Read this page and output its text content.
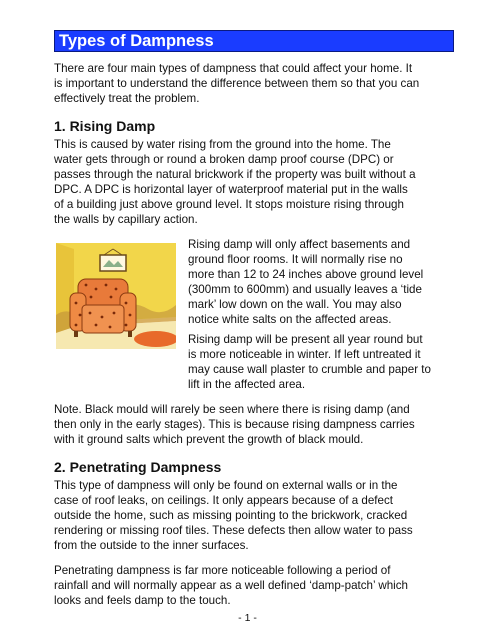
Types of Dampness

There are four main types of dampness that could affect your home. It

is important to understand the difference between them so that you can

effectively treat the problem.

1. Rising Damp

This is caused by water rising from the ground into the home. The

water gets through or round a broken damp proof course (DPC) or

passes through the natural brickwork if the property was built without a

DPC. A DPC is horizontal layer of waterproof material put in the walls

of a building just above ground level. It stops moisture rising through

the walls by capillary action.

Rising damp will only affect basements and

ground floor rooms. It will normally rise no

more than 12 to 24 inches above ground level

(300mm to 600mm) and usually leaves a ‘tide

mark’ low down on the wall. You may also

notice white salts on the affected areas.

Rising damp will be present all year round but

is more noticeable in winter. If left untreated it

may cause wall plaster to crumble and paper to

lift in the affected area.

Note. Black mould will rarely be seen where there is rising damp (and

then only in the early stages). This is because rising dampness carries

with it ground salts which prevent the growth of black mould.

2. Penetrating Dampness

This type of dampness will only be found on external walls or in the

case of roof leaks, on ceilings. It only appears because of a defect

outside the home, such as missing pointing to the brickwork, cracked

rendering or missing roof tiles. These defects then allow water to pass

from the outside to the inner surfaces.

Penetrating dampness is far more noticeable following a period of

rainfall and will normally appear as a well defined ‘damp-patch’ which

looks and feels damp to the touch.

- 1 -
